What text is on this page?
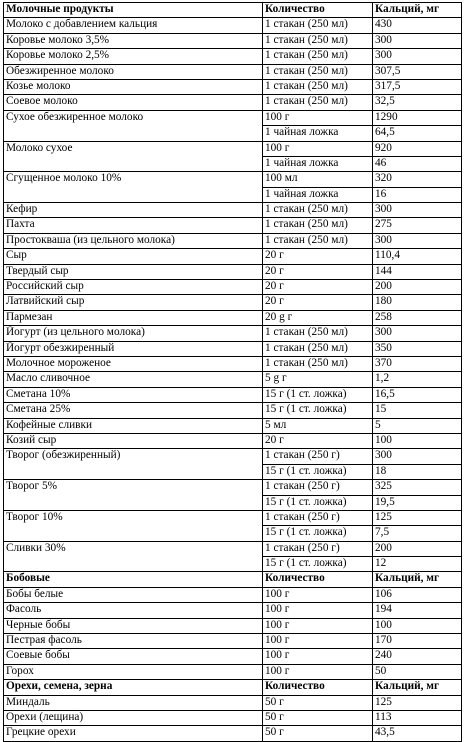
Молочные продукты	Количество	Кальций, мг
Молоко с добавлением кальция	1 стакан (250 мл)	430
Коровье молоко 3,5%	1 стакан (250 мл)	300
Коровье молоко 2,5%	1 стакан (250 мл)	300
Обезжиренное молоко	1 стакан (250 мл)	307,5
Козье молоко	1 стакан (250 мл)	317,5
Соевое молоко	1 стакан (250 мл)	32,5
Сухое обезжиренное молоко	100 г	1290
	1 чайная ложка	64,5
Молоко сухое	100 г	920
	1 чайная ложка	46
Сгущенное молоко 10%	100 мл	320
	1 чайная ложка	16
Кефир	1 стакан (250 мл)	300
Пахта	1 стакан (250 мл)	275
Простокваша (из цельного молока)	1 стакан (250 мл)	300
Сыр	20 г	110,4
Твердый сыр	20 г	144
Российский сыр	20 г	200
Латвийский сыр	20 г	180
Пармезан	20 g г	258
Йогурт (из цельного молока)	1 стакан (250 мл)	300
Йогурт обезжиренный	1 стакан (250 мл)	350
Молочное мороженое	1 стакан (250 мл)	370
Масло сливочное	5 g г	1,2
Сметана 10%	15 г (1 ст. ложка)	16,5
Сметана 25%	15 г (1 ст. ложка)	15
Кофейные сливки	5 мл	5
Козий сыр	20 г	100
Творог (обезжиренный)	1 стакан (250 г)	300
	15 г (1 ст. ложка)	18
Творог 5%	1 стакан (250 г)	325
	15 г (1 ст. ложка)	19,5
Творог 10%	1 стакан (250 г)	125
	15 г (1 ст. ложка)	7,5
Сливки 30%	1 стакан (250 г)	200
	15 г (1 ст. ложка)	12
Бобовые	Количество	Кальций, мг
Бобы белые	100 г	106
Фасоль	100 г	194
Черные бобы	100 г	100
Пестрая фасоль	100 г	170
Соевые бобы	100 г	240
Горох	100 г	50
Орехи, семена, зерна	Количество	Кальций, мг
Миндаль	50 г	125
Орехи (лещина)	50 г	113
Грецкие орехи	50 г	43,5
